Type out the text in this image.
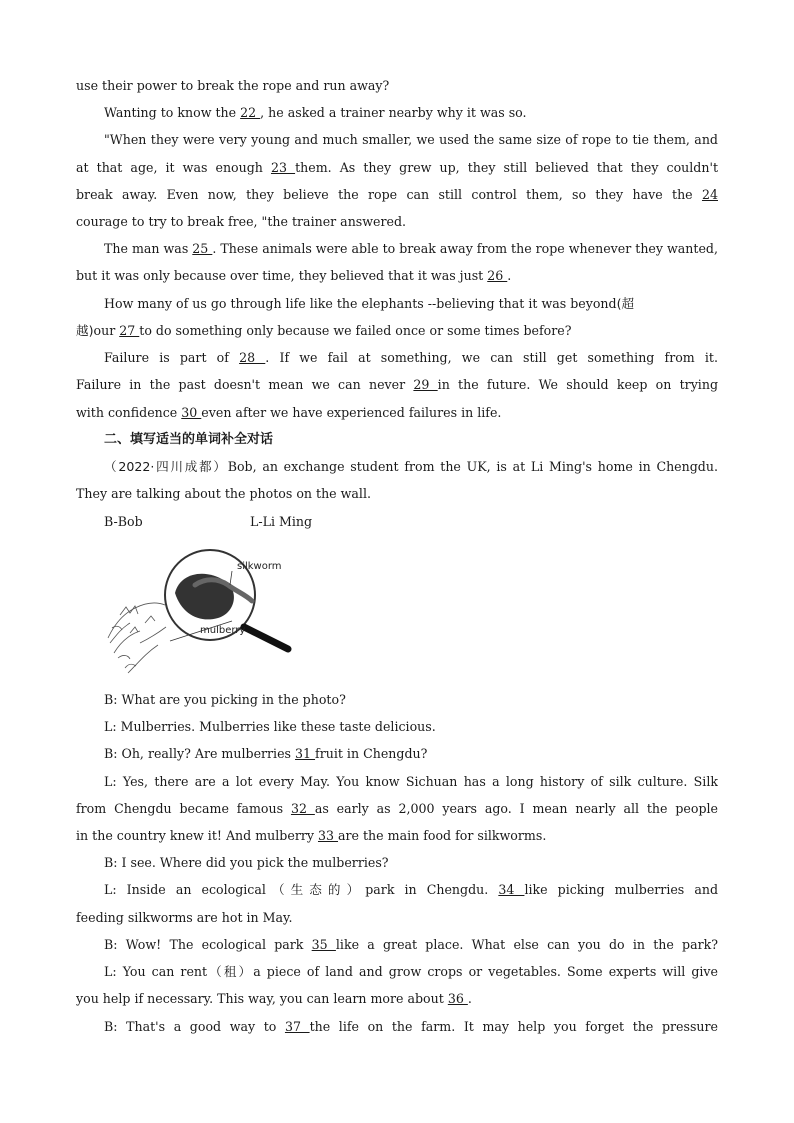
use their power to break the rope and run away?
Wanting to know the 22 , he asked a trainer nearby why it was so.
"When they were very young and much smaller, we used the same size of rope to tie them, and
at that age, it was enough 23 them. As they grew up, they still believed that they couldn't
break away. Even now, they believe the rope can still control them, so they have the 24
courage to try to break free, "the trainer answered.
The man was 25 . These animals were able to break away from the rope whenever they wanted,
but it was only because over time, they believed that it was just 26 .
How many of us go through life like the elephants --believing that it was beyond(超
越)our 27 to do something only because we failed once or some times before?
Failure is part of 28 . If we fail at something, we can still get something from it.
Failure in the past doesn't mean we can never 29 in the future. We should keep on trying
with confidence 30 even after we have experienced failures in life.
二、填写适当的单词补全对话
（2022·四川成都）Bob, an exchange student from the UK, is at Li Ming's home in Chengdu.
They are talking about the photos on the wall.
B-Bob	L-Li Ming
silkworm
mulberry
B: What are you picking in the photo?
L: Mulberries. Mulberries like these taste delicious.
B: Oh, really? Are mulberries 31 fruit in Chengdu?
L: Yes, there are a lot every May. You know Sichuan has a long history of silk culture. Silk
from Chengdu became famous 32 as early as 2,000 years ago. I mean nearly all the people
in the country knew it! And mulberry 33 are the main food for silkworms.
B: I see. Where did you pick the mulberries?
L: Inside an ecological（生态的）park in Chengdu. 34 like picking mulberries and
feeding silkworms are hot in May.
B: Wow! The ecological park 35 like a great place. What else can you do in the park?
L: You can rent（租）a piece of land and grow crops or vegetables. Some experts will give
you help if necessary. This way, you can learn more about 36 .
B: That's a good way to 37 the life on the farm. It may help you forget the pressure
